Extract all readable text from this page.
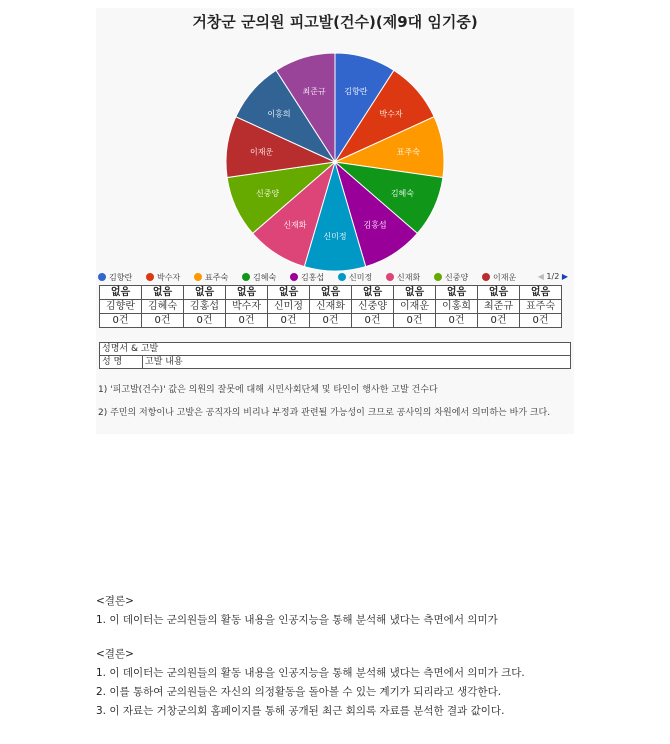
거창군 군의원 피고발(건수)(제9대 임기중)
김향란
박수자
표주숙
김혜숙
김홍섭
신미정
신재화
신중양
이재운
이홍희
최준규
김향란	박수자	표주숙	김혜숙	김홍섭	신미정	신재화	신중양	이재운	◀ 1/2 ▶
없음	없음	없음	없음	없음	없음	없음	없음	없음	없음	없음
김향란	김혜숙	김홍섭	박수자	신미정	신재화	신중양	이재운	이홍희	최준규	표주숙
0건	0건	0건	0건	0건	0건	0건	0건	0건	0건	0건
성명서 & 고발
성 명	고발 내용
1) '피고발(건수)' 값은 의원의 잘못에 대해 시민사회단체 및 타인이 행사한 고발 건수다
2) 주민의 저항이나 고발은 공직자의 비리나 부정과 관련될 가능성이 크므로 공사익의 차원에서 의미하는 바가 크다.

<결론>

1. 이 데이터는 군의원들의 활동 내용을 인공지능을 통해 분석해 냈다는 측면에서 의미가

<결론>

1. 이 데이터는 군의원들의 활동 내용을 인공지능을 통해 분석해 냈다는 측면에서 의미가 크다.

2. 이를 통하여 군의원들은 자신의 의정활동을 돌아볼 수 있는 계기가 되리라고 생각한다.

3. 이 자료는 거창군의회 홈페이지를 통해 공개된 최근 회의록 자료를 분석한 결과 값이다.
